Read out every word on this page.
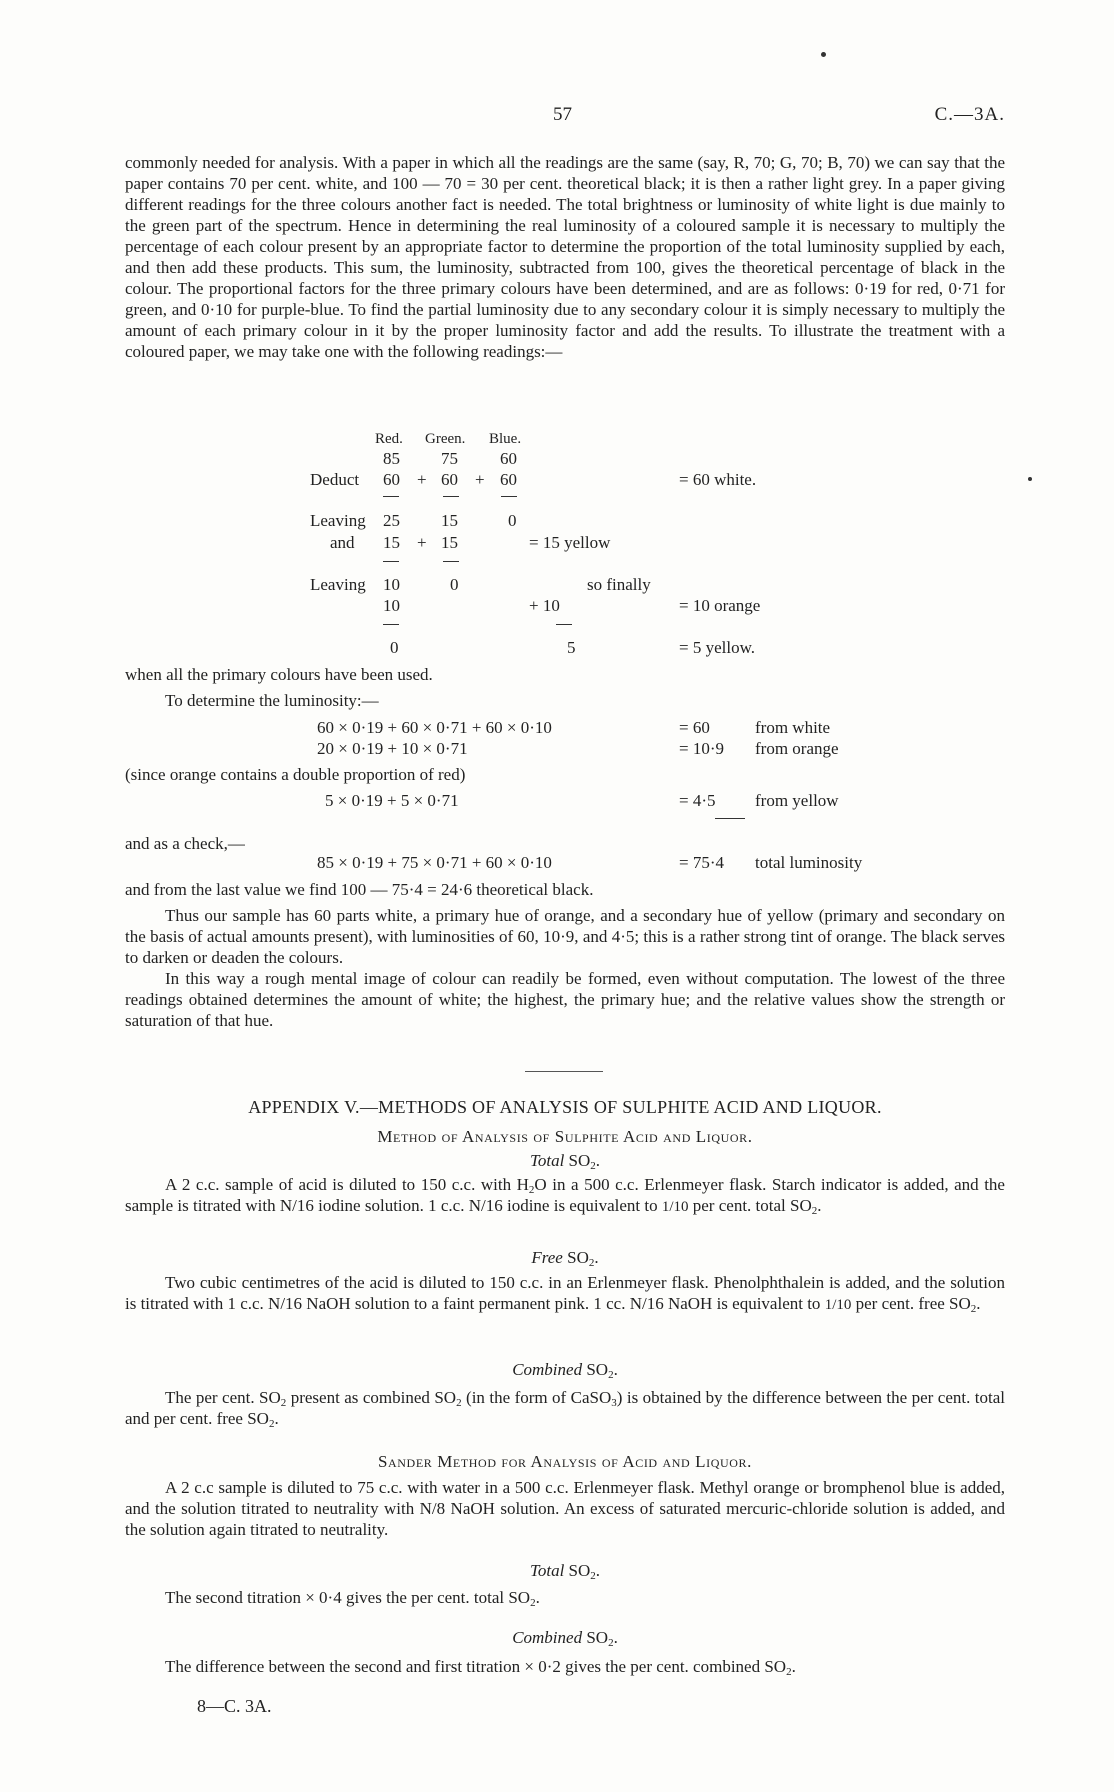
57	C.—3A.

commonly needed for analysis. With a paper in which all the readings are the same (say, R, 70; G, 70; B, 70) we can say that the paper contains 70 per cent. white, and 100 — 70 = 30 per cent. theoretical black; it is then a rather light grey. In a paper giving different readings for the three colours another fact is needed. The total brightness or luminosity of white light is due mainly to the green part of the spectrum. Hence in determining the real luminosity of a coloured sample it is necessary to multiply the percentage of each colour present by an appropriate factor to determine the proportion of the total luminosity supplied by each, and then add these products. This sum, the luminosity, subtracted from 100, gives the theoretical percentage of black in the colour. The proportional factors for the three primary colours have been determined, and are as follows: 0·19 for red, 0·71 for green, and 0·10 for purple-blue. To find the partial luminosity due to any secondary colour it is simply necessary to multiply the amount of each primary colour in it by the proper luminosity factor and add the results. To illustrate the treatment with a coloured paper, we may take one with the following readings:—

Red. Green. Blue.
85 75 60
Deduct 60 + 60 + 60	= 60 white.
Leaving 25 15	0
and 15 + 15	= 15 yellow
Leaving 10	0	so finally
10	+ 10	= 10 orange
0	5	= 5 yellow.
when all the primary colours have been used.
To determine the luminosity:—
60 × 0·19 + 60 × 0·71 + 60 × 0·10	= 60	from white
20 × 0·19 + 10 × 0·71	= 10·9 from orange
(since orange contains a double proportion of red)
5 × 0·19 + 5 × 0·71	= 4·5 from yellow
and as a check,—
85 × 0·19 + 75 × 0·71 + 60 × 0·10	= 75·4 total luminosity
and from the last value we find 100 — 75·4 = 24·6 theoretical black.

Thus our sample has 60 parts white, a primary hue of orange, and a secondary hue of yellow (primary and secondary on the basis of actual amounts present), with luminosities of 60, 10·9, and 4·5; this is a rather strong tint of orange. The black serves to darken or deaden the colours.

In this way a rough mental image of colour can readily be formed, even without computation. The lowest of the three readings obtained determines the amount of white; the highest, the primary hue; and the relative values show the strength or saturation of that hue.

APPENDIX V.—METHODS OF ANALYSIS OF SULPHITE ACID AND LIQUOR.
Method of Analysis of Sulphite Acid and Liquor.
Total $SO_2$.

A 2 c.c. sample of acid is diluted to 150 c.c. with $H_2O$ in a 500 c.c. Erlenmeyer flask. Starch indicator is added, and the sample is titrated with N/16 iodine solution. 1 c.c. N/16 iodine is equivalent to 1/10 per cent. total $SO_2$.

Free $SO_2$.

Two cubic centimetres of the acid is diluted to 150 c.c. in an Erlenmeyer flask. Phenolphthalein is added, and the solution is titrated with 1 c.c. N/16 NaOH solution to a faint permanent pink. 1 cc. N/16 NaOH is equivalent to 1/10 per cent. free $SO_2$.

Combined $SO_2$.

The per cent. $SO_2$ present as combined $SO_2$ (in the form of CaSO$_3$) is obtained by the difference between the per cent. total and per cent. free $SO_2$.

Sander Method for Analysis of Acid and Liquor.

A 2 c.c sample is diluted to 75 c.c. with water in a 500 c.c. Erlenmeyer flask. Methyl orange or bromphenol blue is added, and the solution titrated to neutrality with N/8 NaOH solution. An excess of saturated mercuric-chloride solution is added, and the solution again titrated to neutrality.

Total $SO_2$.

The second titration × 0·4 gives the per cent. total $SO_2$.

Combined $SO_2$.

The difference between the second and first titration × 0·2 gives the per cent. combined $SO_2$.

8—C. 3A.
